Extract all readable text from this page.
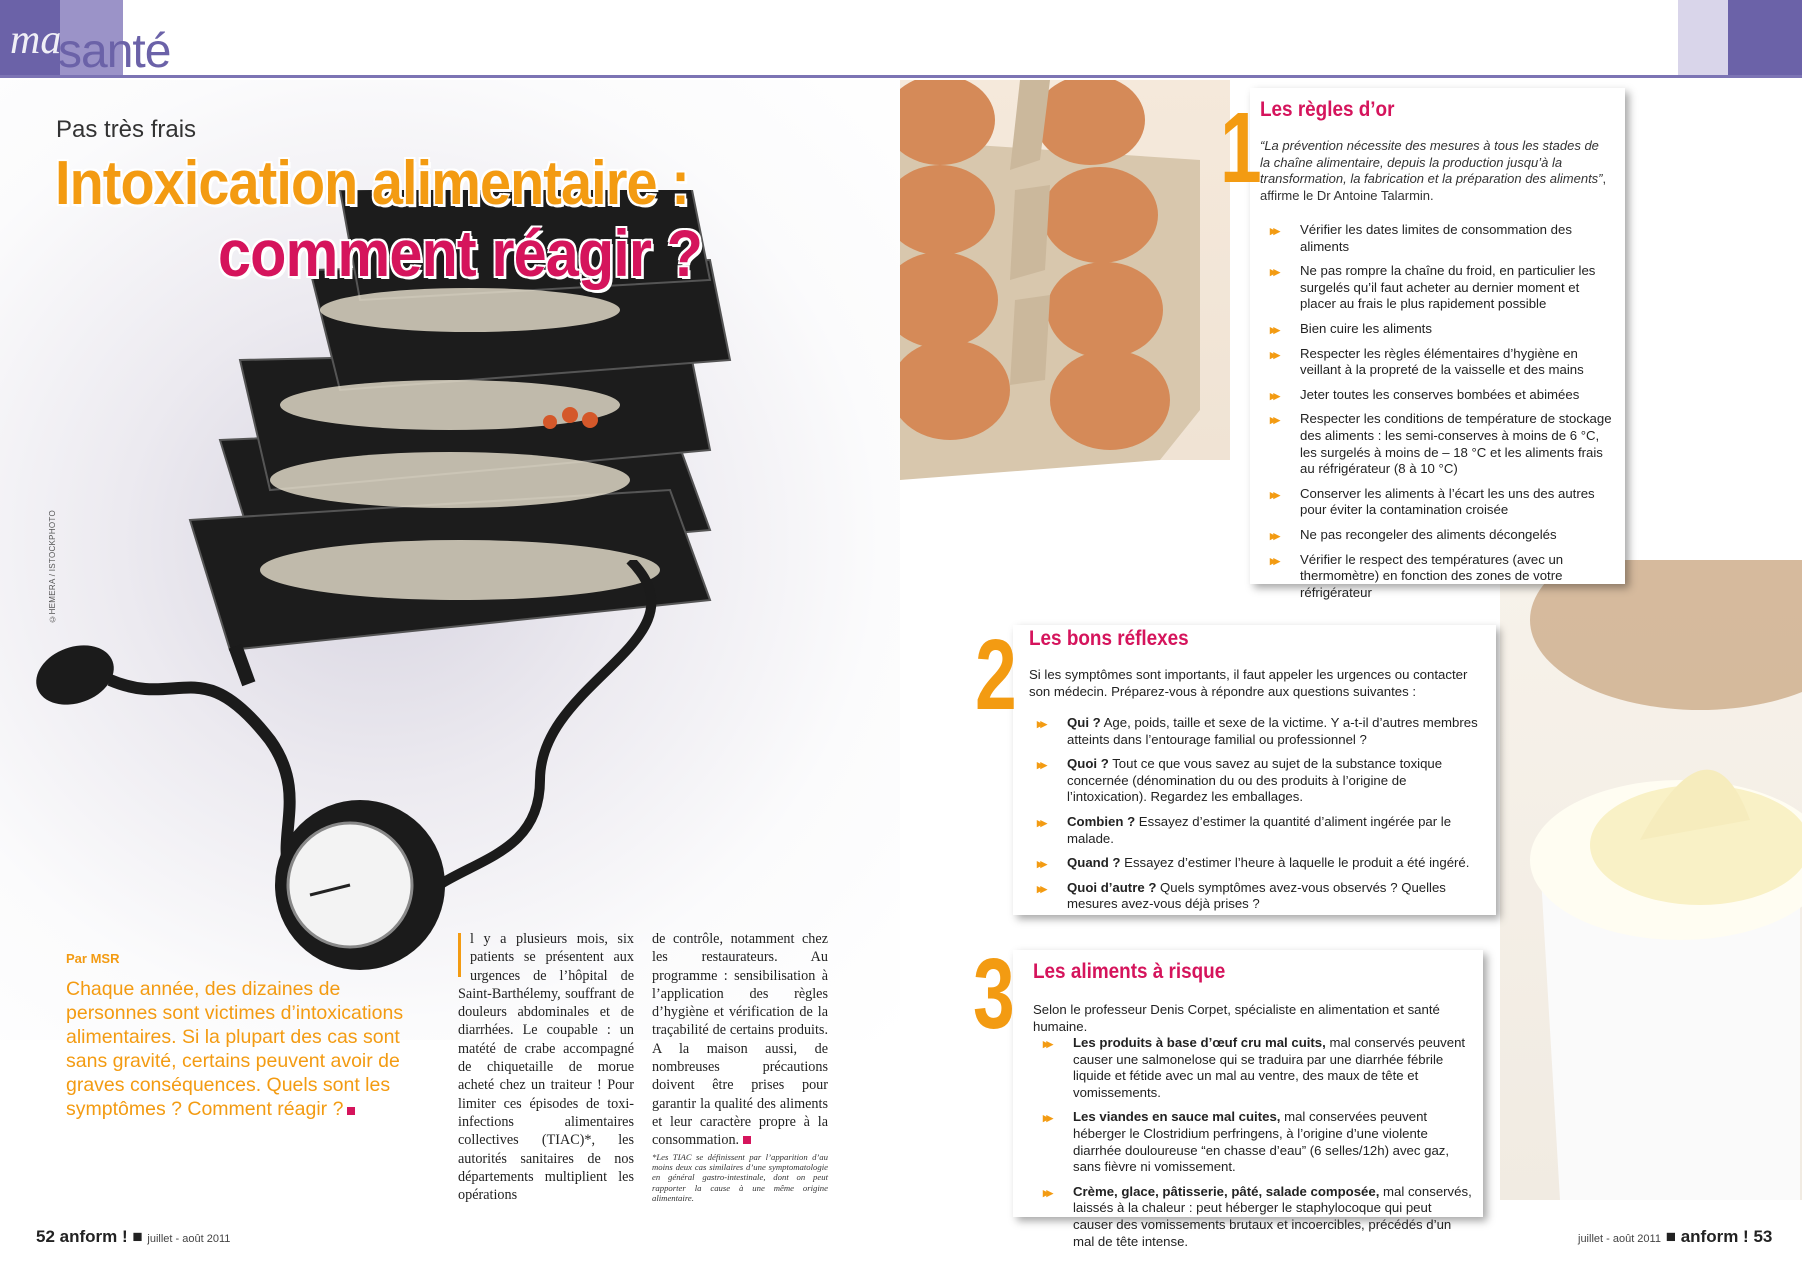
ma
santé
Pas très frais
Intoxication alimentaire :
comment réagir ?
©HEMERA / ISTOCKPHOTO
Par MSR
Chaque année, des dizaines de personnes sont victimes d’intoxications alimentaires. Si la plupart des cas sont sans gravité, certains peuvent avoir de graves conséquences. Quels sont les symptômes ? Comment réagir ?
l y a plusieurs mois, six patients se présentent aux urgences de l’hôpital de Saint-Barthélemy, souffrant de douleurs abdominales et de diarrhées. Le coupable : un matété de crabe accompagné de chiquetaille de morue acheté chez un traiteur ! Pour limiter ces épisodes de toxi-infections alimentaires collectives (TIAC)*, les autorités sanitaires de nos départements multiplient les opérations
de contrôle, notamment chez les restaurateurs. Au programme : sensibilisation à l’application des règles d’hygiène et vérification de la traçabilité de certains produits. A la maison aussi, de nombreuses précautions doivent être prises pour garantir la qualité des aliments et leur caractère propre à la consommation.
*Les TIAC se définissent par l’apparition d’au moins deux cas similaires d’une symptomatologie en général gastro-intestinale, dont on peut rapporter la cause à une même origine alimentaire.
1
Les règles d’or
“La prévention nécessite des mesures à tous les stades de la chaîne alimentaire, depuis la production jusqu’à la transformation, la fabrication et la préparation des aliments”, affirme le Dr Antoine Talarmin.
▸▸ Vérifier les dates limites de consommation des aliments
▸▸ Ne pas rompre la chaîne du froid, en particulier les surgelés qu’il faut acheter au dernier moment et placer au frais le plus rapidement possible
▸▸ Bien cuire les aliments
▸▸ Respecter les règles élémentaires d’hygiène en veillant à la propreté de la vaisselle et des mains
▸▸ Jeter toutes les conserves bombées et abimées
▸▸ Respecter les conditions de température de stockage des aliments : les semi-conserves à moins de 6 °C, les surgelés à moins de – 18 °C et les aliments frais au réfrigérateur (8 à 10 °C)
▸▸ Conserver les aliments à l’écart les uns des autres pour éviter la contamination croisée
▸▸ Ne pas recongeler des aliments décongelés
▸▸ Vérifier le respect des températures (avec un thermomètre) en fonction des zones de votre réfrigérateur
2 Les bons réflexes
Si les symptômes sont importants, il faut appeler les urgences ou contacter son médecin. Préparez-vous à répondre aux questions suivantes :
▸▸ Qui ? Age, poids, taille et sexe de la victime. Y a-t-il d’autres membres atteints dans l’entourage familial ou professionnel ?
▸▸ Quoi ? Tout ce que vous savez au sujet de la substance toxique concernée (dénomination du ou des produits à l’origine de l’intoxication). Regardez les emballages.
▸▸ Combien ? Essayez d’estimer la quantité d’aliment ingérée par le malade.
▸▸ Quand ? Essayez d’estimer l’heure à laquelle le produit a été ingéré.
▸▸ Quoi d’autre ? Quels symptômes avez-vous observés ? Quelles mesures avez-vous déjà prises ?
3 Les aliments à risque
Selon le professeur Denis Corpet, spécialiste en alimentation et santé humaine.
▸▸ Les produits à base d’œuf cru mal cuits, mal conservés peuvent causer une salmonelose qui se traduira par une diarrhée fébrile liquide et fétide avec un mal au ventre, des maux de tête et vomissements.
▸▸ Les viandes en sauce mal cuites, mal conservées peuvent héberger le Clostridium perfringens, à l’origine d’une violente diarrhée douloureuse “en chasse d’eau” (6 selles/12h) avec gaz, sans fièvre ni vomissement.
▸▸ Crème, glace, pâtisserie, pâté, salade composée, mal conservés, laissés à la chaleur : peut héberger le staphylocoque qui peut causer des vomissements brutaux et incoercibles, précédés d’un mal de tête intense.
52 anform ! ■ juillet - août 2011	juillet - août 2011 ■ anform ! 53
